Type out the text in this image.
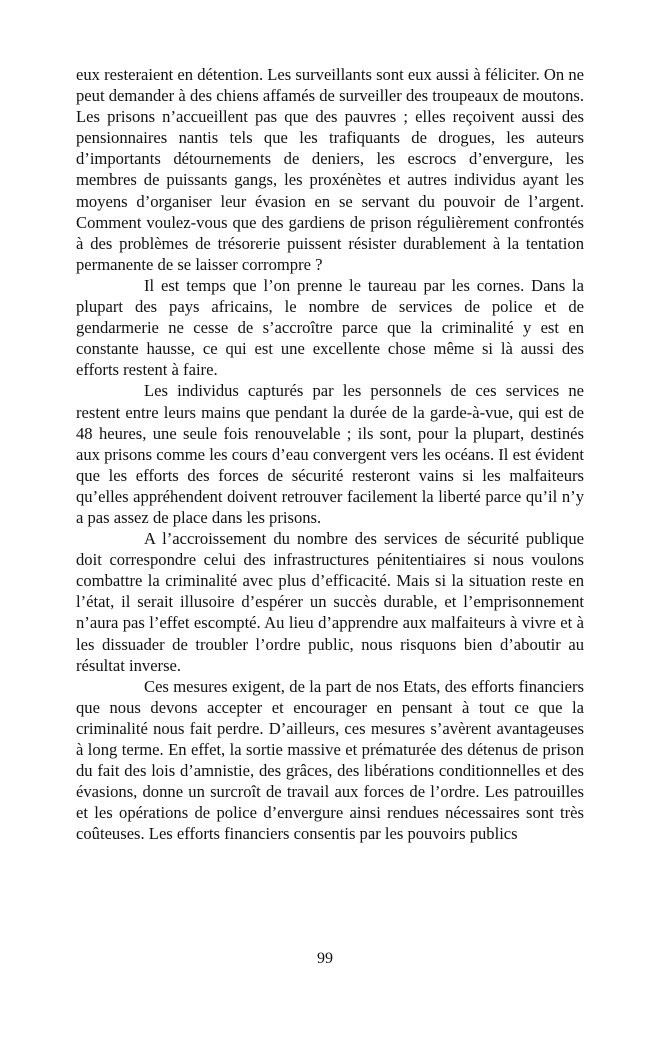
eux resteraient en détention. Les surveillants sont eux aussi à féliciter. On ne peut demander à des chiens affamés de surveiller des troupeaux de moutons. Les prisons n’accueillent pas que des pauvres ; elles reçoivent aussi des pensionnaires nantis tels que les trafiquants de drogues, les auteurs d’importants détournements de deniers, les escrocs d’envergure, les membres de puissants gangs, les proxénètes et autres individus ayant les moyens d’organiser leur évasion en se servant du pouvoir de l’argent. Comment voulez-vous que des gardiens de prison régulièrement confrontés à des problèmes de trésorerie puissent résister durablement à la tentation permanente de se laisser corrompre ?

Il est temps que l’on prenne le taureau par les cornes. Dans la plupart des pays africains, le nombre de services de police et de gendarmerie ne cesse de s’accroître parce que la criminalité y est en constante hausse, ce qui est une excellente chose même si là aussi des efforts restent à faire.

Les individus capturés par les personnels de ces services ne restent entre leurs mains que pendant la durée de la garde-à-vue, qui est de 48 heures, une seule fois renouvelable ; ils sont, pour la plupart, destinés aux prisons comme les cours d’eau convergent vers les océans. Il est évident que les efforts des forces de sécurité resteront vains si les malfaiteurs qu’elles appréhendent doivent retrouver facilement la liberté parce qu’il n’y a pas assez de place dans les prisons.

A l’accroissement du nombre des services de sécurité publique doit correspondre celui des infrastructures pénitentiaires si nous voulons combattre la criminalité avec plus d’efficacité. Mais si la situation reste en l’état, il serait illusoire d’espérer un succès durable, et l’emprisonnement n’aura pas l’effet escompté. Au lieu d’apprendre aux malfaiteurs à vivre et à les dissuader de troubler l’ordre public, nous risquons bien d’aboutir au résultat inverse.

Ces mesures exigent, de la part de nos Etats, des efforts financiers que nous devons accepter et encourager en pensant à tout ce que la criminalité nous fait perdre. D’ailleurs, ces mesures s’avèrent avantageuses à long terme. En effet, la sortie massive et prématurée des détenus de prison du fait des lois d’amnistie, des grâces, des libérations conditionnelles et des évasions, donne un surcroît de travail aux forces de l’ordre. Les patrouilles et les opérations de police d’envergure ainsi rendues nécessaires sont très coûteuses. Les efforts financiers consentis par les pouvoirs publics

99
